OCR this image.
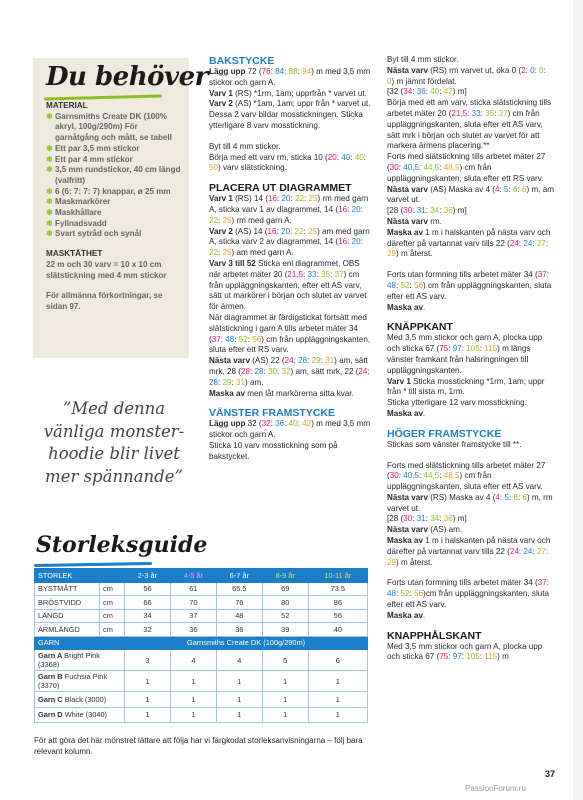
Du behöver
MATERIAL
❄ Garnsmiths Create DK (100% akryl, 100g/290m) För garnåtgång och mått, se tabell
❄ Ett par 3,5 mm stickor
❄ Ett par 4 mm stickor
❄ 3,5 mm rundstickor, 40 cm längd (valfritt)
❄ 6 (6: 7: 7: 7) knappar, ø 25 mm
❄ Maskmarkörer
❄ Maskhållare
❄ Fyllnadsvadd
❄ Svart sytråd och synål
MASKTÄTHET

22 m och 30 varv = 10 x 10 cm slätstickning med 4 mm stickor

För allmänna förkortningar, se sidan 97.

”Med denna vänliga monster-hoodie blir livet mer spännande”

BAKSTYCKE

Lägg upp 72 (76: 84: 88: 94) m med 3,5 mm stickor och garn A.

Varv 1 (RS) *1rm, 1am; upprfrån * varvet ut.

Varv 2 (AS) *1am, 1am; uppr från * varvet ut.

Dessa 2 varv bildar mosstickningen. Sticka ytterligare 8 varv mosstickning.

Byt till 4 mm stickor.

Börja med ett varv rm, sticka 10 (20: 40: 40: 50) varv slätstickning.

PLACERA UT DIAGRAMMET

Varv 1 (RS) 14 (16: 20: 22: 25) rm med garn A, sticka varv 1 av diagrammet, 14 (16: 20: 22: 25) rm med garn A.

Varv 2 (AS) 14 (16: 20: 22: 25) am med garn A, sticka varv 2 av diagrammet, 14 (16: 20: 22: 25) am med garn A.

Varv 3 till 52 Sticka enl diagrammet, OBS när arbetet mäter 20 (21,5: 33: 35: 37) cm från uppläggningskanten, efter ett AS varv, sätt ut markörer i början och slutet av varvet för ärmen.

När diagrammet är färdigstickat fortsätt med slätstickning i garn A tills arbetet mäter 34 (37: 48: 52: 56) cm från uppläggningskanten, sluta efter ett RS varv.

Nästa varv (AS) 22 (24: 28: 29: 31) am, sätt mrk, 28 (28: 28: 30: 32) am, sätt mrk, 22 (24: 28: 29: 31) am.

Maska av men låt markörerna sitta kvar.

VÄNSTER FRAMSTYCKE

Lägg upp 32 (32: 36: 40: 42) m med 3,5 mm stickor och garn A.

Sticka 10 varv mosstickning som på bakstycket.

Byt till 4 mm stickor.

Nästa varv (RS) rm varvet ut, öka 0 (2: 0: 0: 0) m jämnt fördelat.

[32 (34: 36: 40: 42) m]

Börja med ett am varv, sticka slätstickning tills arbetet mäter 20 (21,5: 33: 35: 37) cm från uppläggningskanten, sluta efter ett AS varv, sätt mrk i början och slutet av varvet för att markera ärmens placering.**

Forts med slätstickning tills arbetet mäter 27 (30: 40,5: 44,5: 48,5) cm från uppläggningskanten, sluta efter ett RS varv.

Nästa varv (AS) Maska av 4 (4: 5: 6: 6) m, am varvet ut.

[28 (30: 31: 34: 36) m]

Nästa varv rm.

Maska av 1 m i halskanten på nästa varv och därefter på vartannat varv tills 22 (24: 24: 27: 29) m återst.

Forts utan formning tills arbetet mäter 34 (37: 48: 52: 56) cm från uppläggningskanten, sluta efter ett AS varv.

Maska av.

KNÄPPKANT

Med 3,5 mm stickor och garn A, plocka upp och sticka 67 (75: 97: 105: 115) m längs vänster framkant från halsringningen till uppläggningskanten.

Varv 1 Sticka mosstickning *1rm, 1am; uppr från * till sista m, 1rm.

Sticka ytterligare 12 varv mosstickning.

Maska av.

HÖGER FRAMSTYCKE

Stickas som vänster framstycke till **.

Forts med slätstickning tills arbetet mäter 27 (30: 40,5: 44,5: 48,5) cm från uppläggningskanten, sluta efter ett AS varv.

Nästa varv (RS) Maska av 4 (4: 5: 6: 6) m, rm varvet ut.

[28 (30: 31: 34: 36) m]

Nästa varv (AS) am.

Maska av 1 m i halskanten på nästa varv och därefter på vartannat varv tills 22 (24: 24: 27: 29) m återst.

Forts utan formning tills arbetet mäter 34 (37: 48: 52: 56)cm från uppläggningskanten, sluta efter ett AS varv.

Maska av.

KNAPPHÅLSKANT

Med 3,5 mm stickor och garn A, plocka upp och sticka 67 (75: 97: 105: 115) m

Storleksguide
STORLEK		2-3 år	4-5 år	6-7 år	8-9 år	10-11 år
BYSTMÅTT	cm	56	61	65.5	69	73.5
BRÖSTVIDD	cm	66	70	76	80	86
LÄNGD	cm	34	37	48	52	56
ÄRMLÄNGD	cm	32	36	36	39	40
GARN		Garnsmiths Create DK (100g/290m)				
Garn A Bright Pink (3368)		3	4	4	5	6
Garn B Fuchsia Pink (3370)		1	1	1	1	1
Garn C Black (3000)		1	1	1	1	1
Garn D White (3040)		1	1	1	1	1

För att göra det här mönstret lättare att följa har vi färgkodat storleksanvisningarna – följ bara relevant kolumn.

37

PassionForum.ru
